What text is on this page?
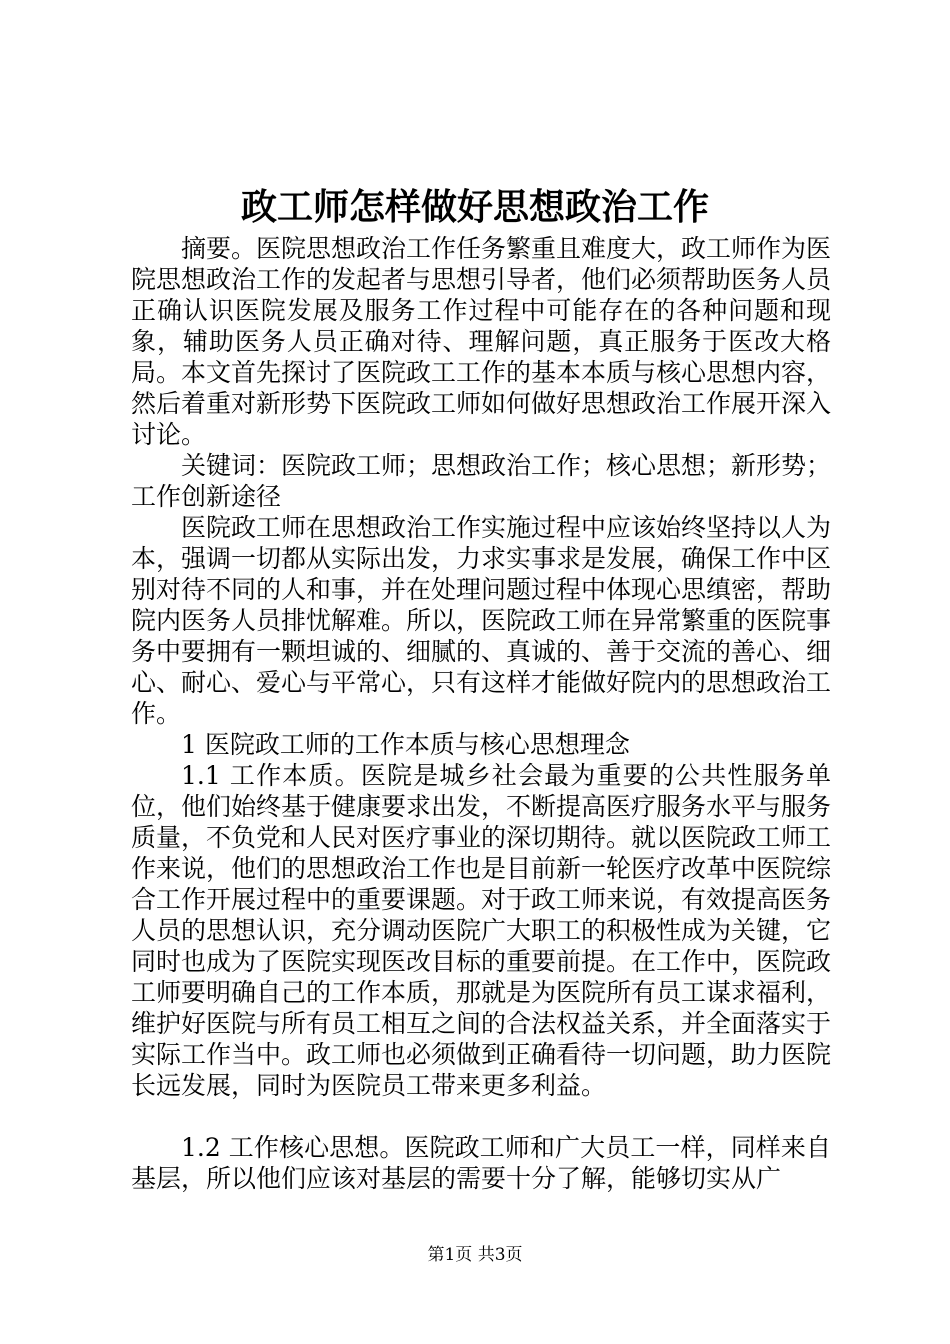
政工师怎样做好思想政治工作

摘要。医院思想政治工作任务繁重且难度大，政工师作为医院思想政治工作的发起者与思想引导者，他们必须帮助医务人员正确认识医院发展及服务工作过程中可能存在的各种问题和现象，辅助医务人员正确对待、理解问题，真正服务于医改大格局。本文首先探讨了医院政工工作的基本本质与核心思想内容，然后着重对新形势下医院政工师如何做好思想政治工作展开深入讨论。

关键词：医院政工师；思想政治工作；核心思想；新形势；工作创新途径

医院政工师在思想政治工作实施过程中应该始终坚持以人为本，强调一切都从实际出发，力求实事求是发展，确保工作中区别对待不同的人和事，并在处理问题过程中体现心思缜密，帮助院内医务人员排忧解难。所以，医院政工师在异常繁重的医院事务中要拥有一颗坦诚的、细腻的、真诚的、善于交流的善心、细心、耐心、爱心与平常心，只有这样才能做好院内的思想政治工作。

1 医院政工师的工作本质与核心思想理念

1.1 工作本质。医院是城乡社会最为重要的公共性服务单位，他们始终基于健康要求出发，不断提高医疗服务水平与服务质量，不负党和人民对医疗事业的深切期待。就以医院政工师工作来说，他们的思想政治工作也是目前新一轮医疗改革中医院综合工作开展过程中的重要课题。对于政工师来说，有效提高医务人员的思想认识，充分调动医院广大职工的积极性成为关键，它同时也成为了医院实现医改目标的重要前提。在工作中，医院政工师要明确自己的工作本质，那就是为医院所有员工谋求福利，维护好医院与所有员工相互之间的合法权益关系，并全面落实于实际工作当中。政工师也必须做到正确看待一切问题，助力医院长远发展，同时为医院员工带来更多利益。

1.2 工作核心思想。医院政工师和广大员工一样，同样来自基层，所以他们应该对基层的需要十分了解，能够切实从广

第1页 共3页
